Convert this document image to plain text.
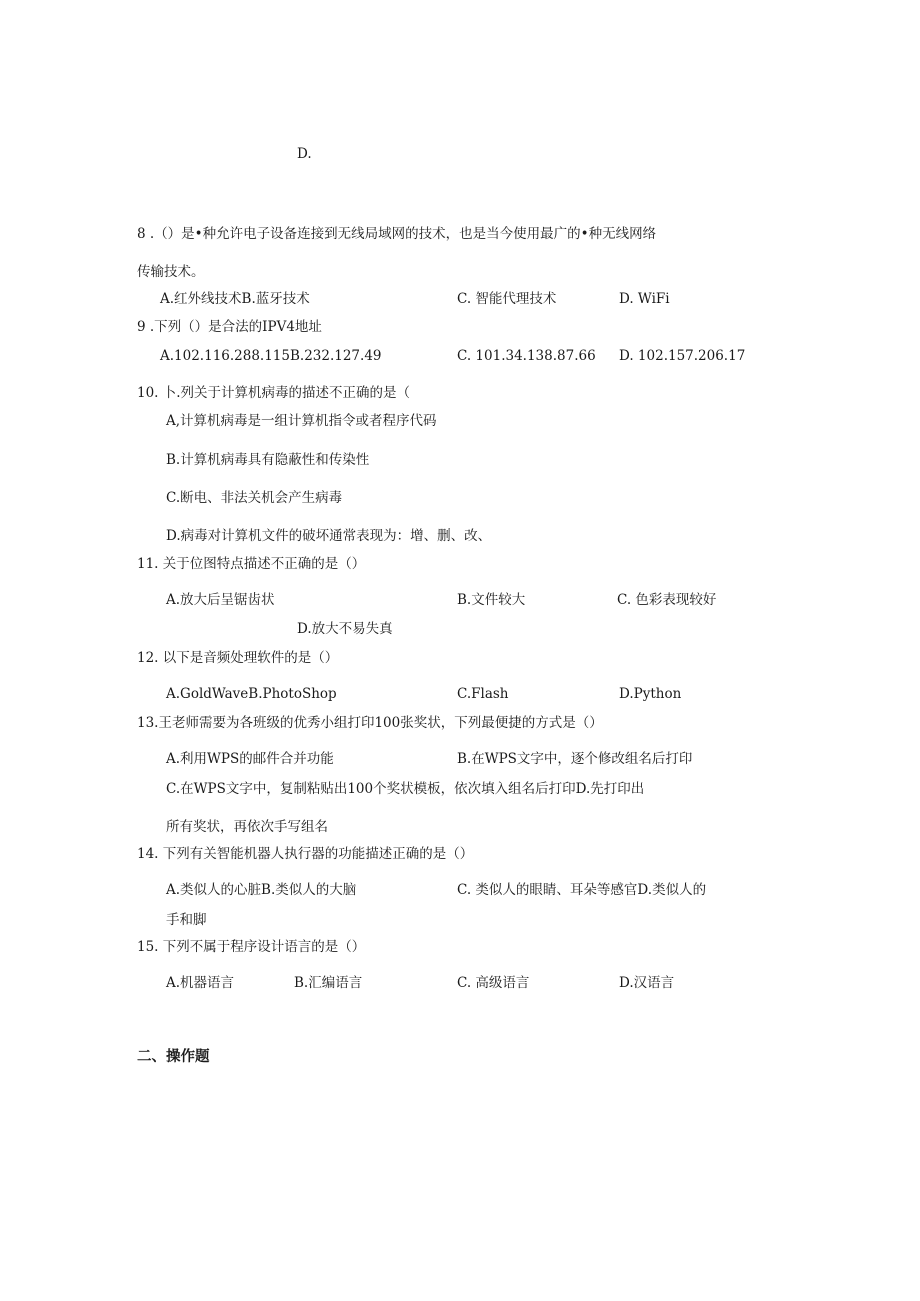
D.
8 .（）是•种允许电子设备连接到无线局域网的技术，也是当今使用最广的•种无线网络
传输技术。
A.红外线技术B.蓝牙技术	C. 智能代理技术	D. WiFi
9 .下列（）是合法的IPV4地址
A.102.116.288.115B.232.127.49	C. 101.34.138.87.66 D. 102.157.206.17
10. 卜.列关于计算机病毒的描述不正确的是（
A,计算机病毒是一组计算机指令或者程序代码
B.计算机病毒具有隐蔽性和传染性
C.断电、非法关机会产生病毒
D.病毒对计算机文件的破坏通常表现为：增、删、改、
11. 关于位图特点描述不正确的是（）
A.放大后呈锯齿状	B.文件较大	C. 色彩表现较好
D.放大不易失真
12. 以下是音频处理软件的是（）
A.GoldWaveB.PhotoShop	C.Flash	D.Python
13.王老师需要为各班级的优秀小组打印100张奖状，下列最便捷的方式是（）
A.利用WPS的邮件合并功能	B.在WPS文字中，逐个修改组名后打印
C.在WPS文字中，复制粘贴出100个奖状模板，依次填入组名后打印D.先打印出
所有奖状，再依次手写组名
14. 下列有关智能机器人执行器的功能描述正确的是（）
A.类似人的心脏B.类似人的大脑	C. 类似人的眼睛、耳朵等感官D.类似人的
手和脚
15. 下列不属于程序设计语言的是（）
A.机器语言	B.汇编语言	C. 高级语言	D.汉语言
二、操作题
